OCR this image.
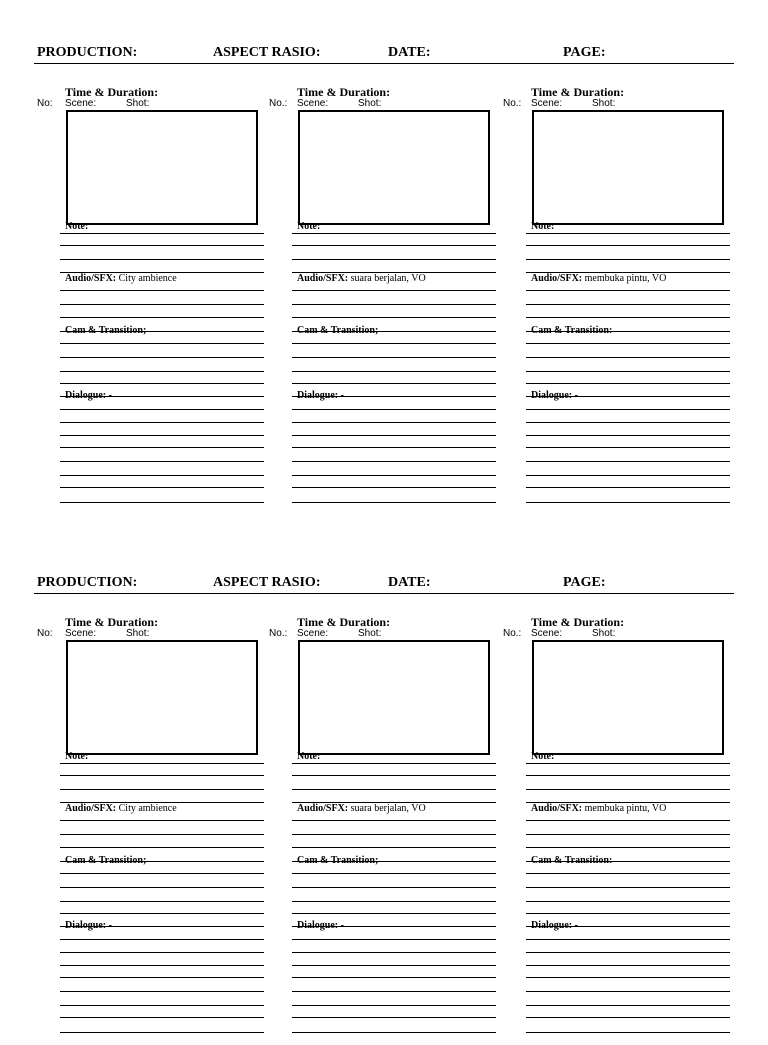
PRODUCTION:	ASPECT RASIO:	DATE:	PAGE:
No:
Time & Duration:
Scene:	Shot:
Note:
Audio/SFX: City ambience
Cam & Transition;
Dialogue: -
No.:
Time & Duration:
Scene:	Shot:
Note:
Audio/SFX: suara berjalan, VO
Cam & Transition;
Dialogue: -
No.:
Time & Duration:
Scene:	Shot:
Note:
Audio/SFX: membuka pintu, VO
Cam & Transition:
Dialogue: -
PRODUCTION:	ASPECT RASIO:	DATE:	PAGE:
No:
Time & Duration:
Scene:	Shot:
Note:
Audio/SFX: City ambience
Cam & Transition;
Dialogue: -
No.:
Time & Duration:
Scene:	Shot:
Note:
Audio/SFX: suara berjalan, VO
Cam & Transition;
Dialogue: -
No.:
Time & Duration:
Scene:	Shot:
Note:
Audio/SFX: membuka pintu, VO
Cam & Transition:
Dialogue: -
